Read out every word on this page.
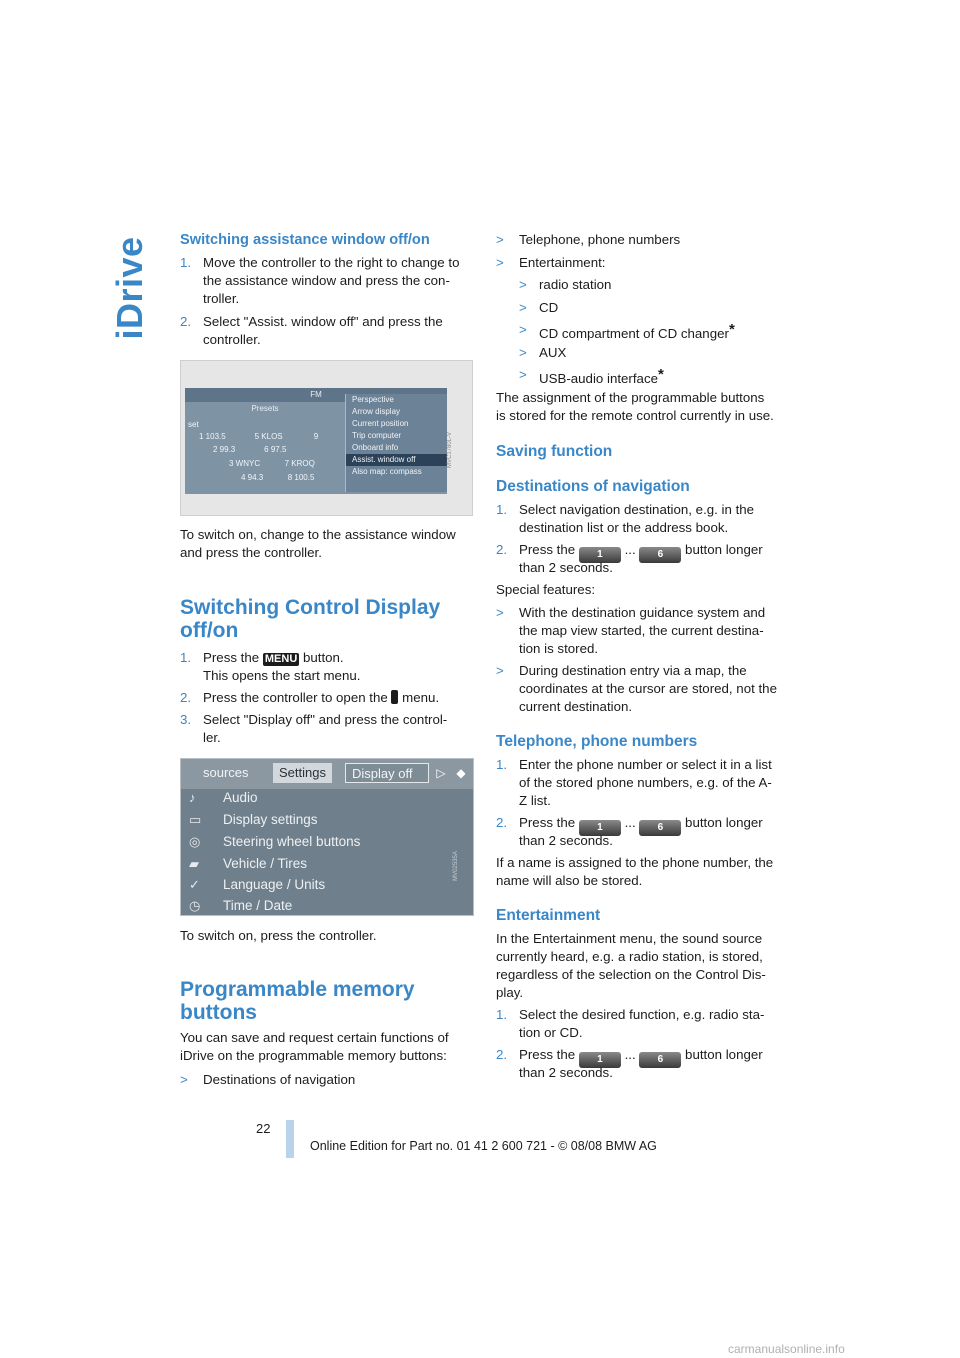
iDrive Switching assistance window off/on
1. Move the controller to the right to change to
the assistance window and press the con-
troller.
2. Select "Assist. window off" and press the
controller.
FM
Presets
set
1 103.5	5 KLOS	9
2 99.3	6 97.5
3 WNYC	7 KROQ
4 94.3	8 100.5
Perspective
Arrow display
Current position
Trip computer
Onboard info
Assist. window off
Also map: compass
MVC1780L-V
To switch on, change to the assistance window
and press the controller.
Switching Control Display
off/on
1. Press the MENU button.
This opens the start menu.
2. Press the controller to open the  menu.
3. Select "Display off" and press the control-
ler.
sources	Settings	Display off	▷ ◆
♪ Audio
▭ Display settings
◎ Steering wheel buttons
▰ Vehicle / Tires
✓ Language / Units
◷ Time / Date
MV02535A
To switch on, press the controller.
Programmable memory
buttons
You can save and request certain functions of
iDrive on the programmable memory buttons:
> Destinations of navigation
> Telephone, phone numbers
> Entertainment:
> radio station
> CD
> CD compartment of CD changer*
> AUX
> USB-audio interface*
The assignment of the programmable buttons
is stored for the remote control currently in use.
Saving function
Destinations of navigation
1. Select navigation destination, e.g. in the
destination list or the address book.
2. Press the 1 ... 6 button longer
than 2 seconds.
Special features:
> With the destination guidance system and
the map view started, the current destina-
tion is stored.
> During destination entry via a map, the
coordinates at the cursor are stored, not the
current destination.
Telephone, phone numbers
1. Enter the phone number or select it in a list
of the stored phone numbers, e.g. of the A-
Z list.
2. Press the 1 ... 6 button longer
than 2 seconds.
If a name is assigned to the phone number, the
name will also be stored.
Entertainment
In the Entertainment menu, the sound source
currently heard, e.g. a radio station, is stored,
regardless of the selection on the Control Dis-
play.
1. Select the desired function, e.g. radio sta-
tion or CD.
2. Press the 1 ... 6 button longer
than 2 seconds.
22
Online Edition for Part no. 01 41 2 600 721 - © 08/08 BMW AG
carmanualsonline.info
